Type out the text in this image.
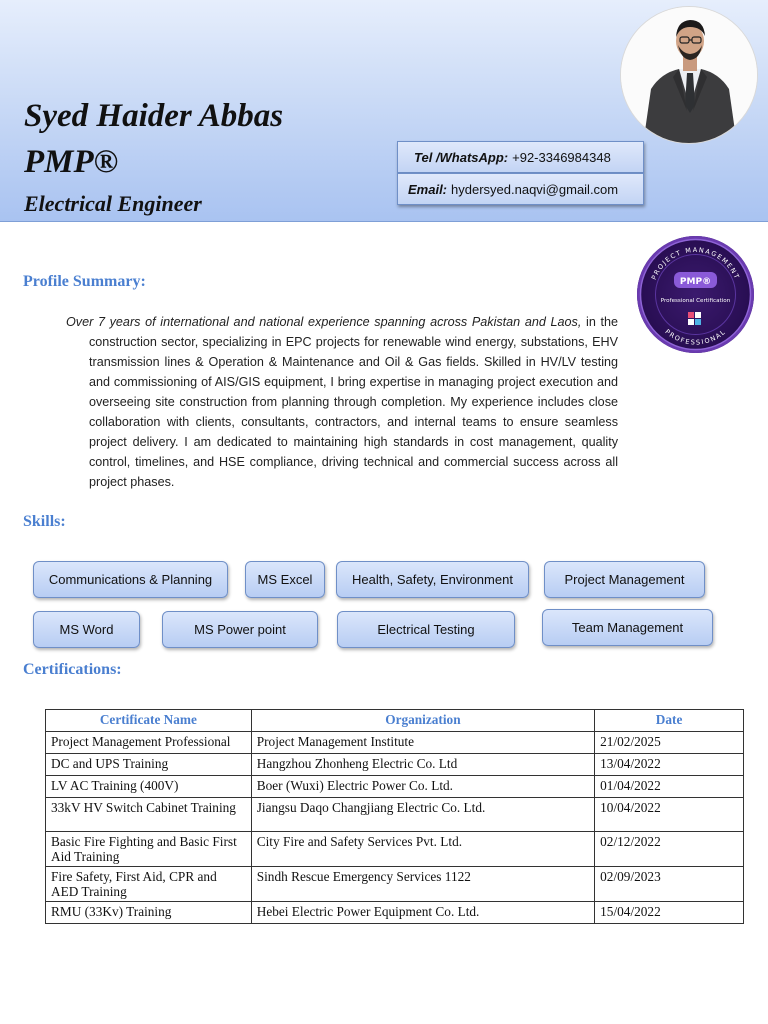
Syed Haider Abbas
PMP®
Electrical Engineer
Tel /WhatsApp: +92-3346984348
Email: hydersyed.naqvi@gmail.com
PROJECT MANAGEMENT
PROFESSIONAL
PMP®
Professional Certification
Profile Summary:

Over 7 years of international and national experience spanning across Pakistan and Laos, in the construction sector, specializing in EPC projects for renewable wind energy, substations, EHV transmission lines & Operation & Maintenance and Oil & Gas fields. Skilled in HV/LV testing and commissioning of AIS/GIS equipment, I bring expertise in managing project execution and overseeing site construction from planning through completion. My experience includes close collaboration with clients, consultants, contractors, and internal teams to ensure seamless project delivery. I am dedicated to maintaining high standards in cost management, quality control, timelines, and HSE compliance, driving technical and commercial success across all project phases.

Skills:
Communications & Planning	MS Excel	Health, Safety, Environment	Project Management
MS Word	MS Power point	Electrical Testing	Team Management
Certifications:
Certificate Name	Organization	Date
Project Management Professional	Project Management Institute	21/02/2025
DC and UPS Training	Hangzhou Zhonheng Electric Co. Ltd	13/04/2022
LV AC Training (400V)	Boer (Wuxi) Electric Power Co. Ltd.	01/04/2022
33kV HV Switch Cabinet Training	Jiangsu Daqo Changjiang Electric Co. Ltd.	10/04/2022
Basic Fire Fighting and Basic First Aid Training	City Fire and Safety Services Pvt. Ltd.	02/12/2022
Fire Safety, First Aid, CPR and AED Training	Sindh Rescue Emergency Services 1122	02/09/2023
RMU (33Kv) Training	Hebei Electric Power Equipment Co. Ltd.	15/04/2022
